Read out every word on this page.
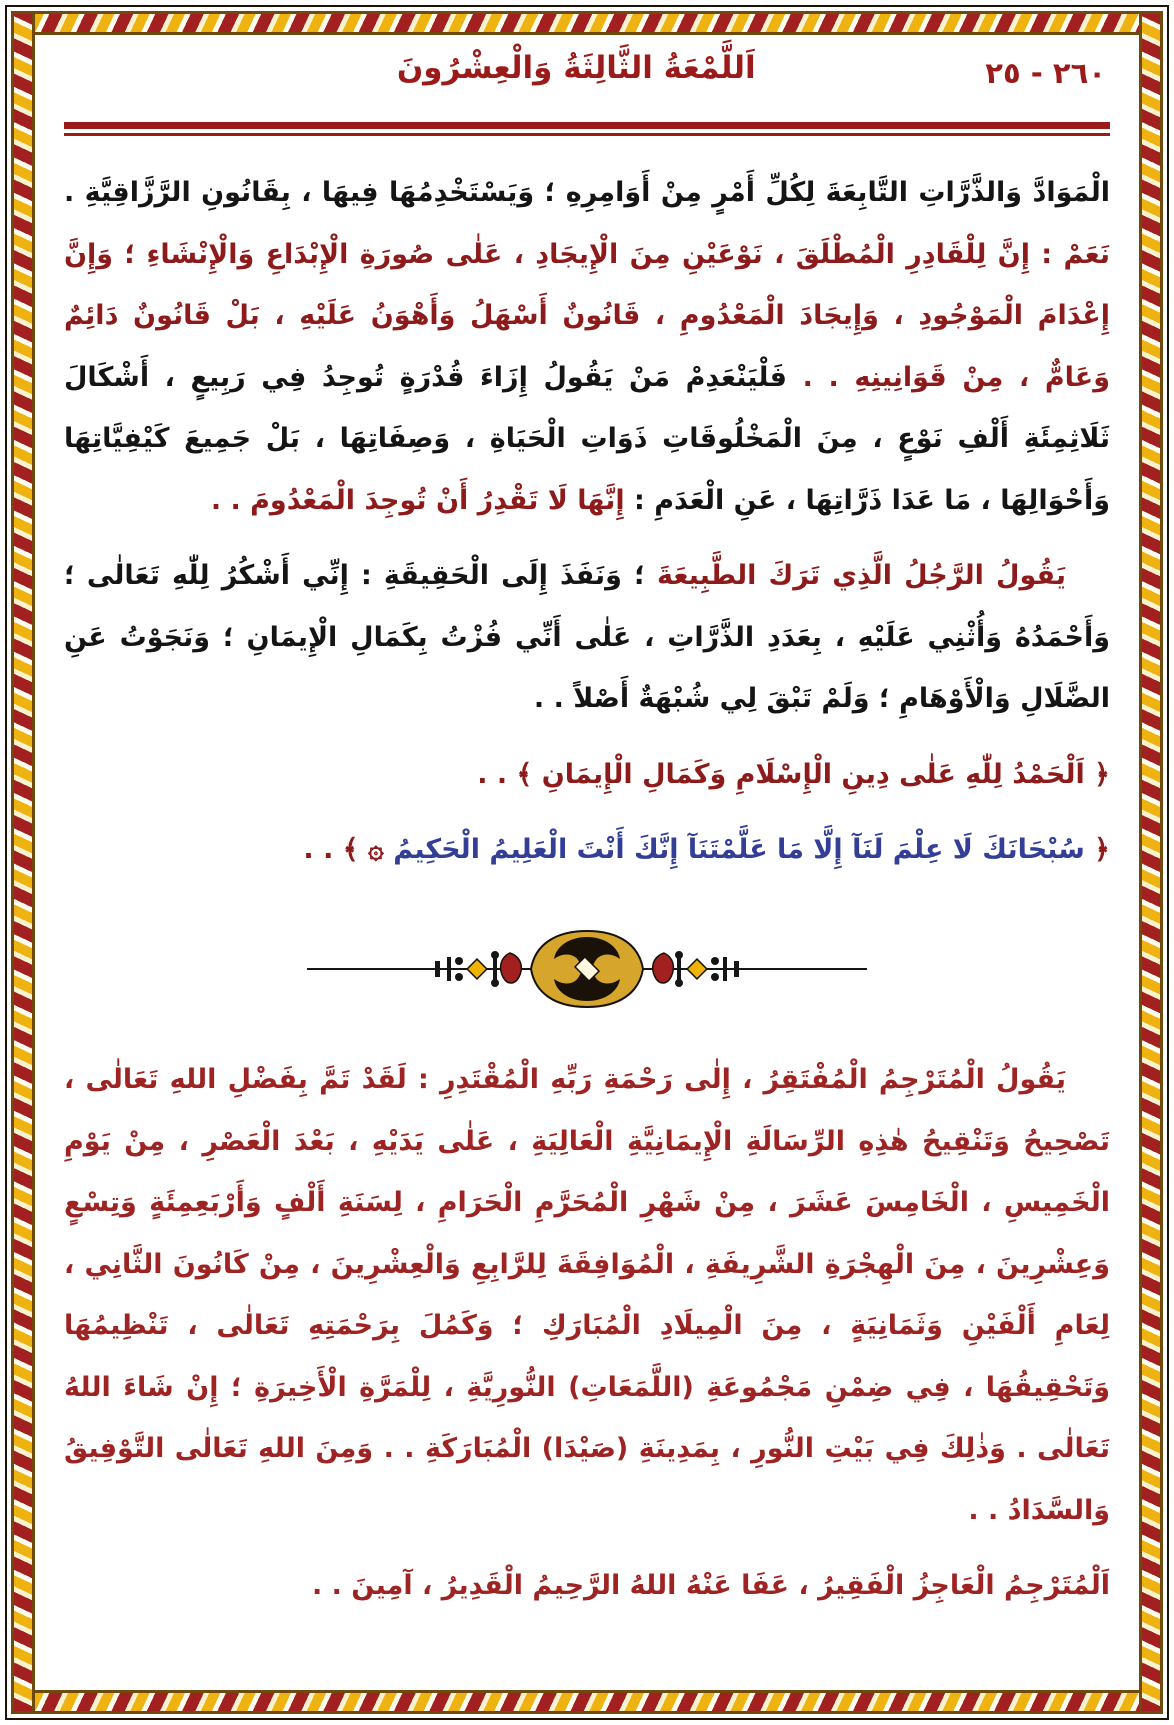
٢٦٠ - ٢٥
اَللَّمْعَةُ الثَّالِثَةُ وَالْعِشْرُونَ

الْمَوَادَّ وَالذَّرَّاتِ التَّابِعَةَ لِكُلِّ أَمْرٍ مِنْ أَوَامِرِهِ ؛ وَيَسْتَخْدِمُهَا فِيهَا ، بِقَانُونِ الرَّزَّاقِيَّةِ . نَعَمْ : إِنَّ لِلْقَادِرِ الْمُطْلَقَ ، نَوْعَيْنِ مِنَ الْإِيجَادِ ، عَلٰى صُورَةِ الْإِبْدَاعِ وَالْإِنْشَاءِ ؛ وَإِنَّ إِعْدَامَ الْمَوْجُودِ ، وَإِيجَادَ الْمَعْدُومِ ، قَانُونٌ أَسْهَلُ وَأَهْوَنُ عَلَيْهِ ، بَلْ قَانُونٌ دَائِمٌ وَعَامٌّ ، مِنْ قَوَانِينِهِ . . فَلْيَنْعَدِمْ مَنْ يَقُولُ إِزَاءَ قُدْرَةٍ تُوجِدُ فِي رَبِيعٍ ، أَشْكَالَ ثَلَاثِمِئَةِ أَلْفِ نَوْعٍ ، مِنَ الْمَخْلُوقَاتِ ذَوَاتِ الْحَيَاةِ ، وَصِفَاتِهَا ، بَلْ جَمِيعَ كَيْفِيَّاتِهَا وَأَحْوَالِهَا ، مَا عَدَا ذَرَّاتِهَا ، عَنِ الْعَدَمِ : إِنَّهَا لَا تَقْدِرُ أَنْ تُوجِدَ الْمَعْدُومَ . .

يَقُولُ الرَّجُلُ الَّذِي تَرَكَ الطَّبِيعَةَ ؛ وَنَفَذَ إِلَى الْحَقِيقَةِ : إِنِّي أَشْكُرُ لِلّٰهِ تَعَالٰى ؛ وَأَحْمَدُهُ وَأُثْنِي عَلَيْهِ ، بِعَدَدِ الذَّرَّاتِ ، عَلٰى أَنِّي فُزْتُ بِكَمَالِ الْإِيمَانِ ؛ وَنَجَوْتُ عَنِ الضَّلَالِ وَالْأَوْهَامِ ؛ وَلَمْ تَبْقَ لِي شُبْهَةٌ أَصْلاً . .

﴿ اَلْحَمْدُ لِلّٰهِ عَلٰى دِينِ الْإِسْلَامِ وَكَمَالِ الْإِيمَانِ ﴾ . .

﴿ سُبْحَانَكَ لَا عِلْمَ لَنَآ إِلَّا مَا عَلَّمْتَنَآ إِنَّكَ أَنْتَ الْعَلِيمُ الْحَكِيمُ ۞ ﴾ . .

يَقُولُ الْمُتَرْجِمُ الْمُفْتَقِرُ ، إِلٰى رَحْمَةِ رَبِّهِ الْمُقْتَدِرِ : لَقَدْ تَمَّ بِفَضْلِ اللهِ تَعَالٰى ، تَصْحِيحُ وَتَنْقِيحُ هٰذِهِ الرِّسَالَةِ الْإِيمَانِيَّةِ الْعَالِيَةِ ، عَلٰى يَدَيْهِ ، بَعْدَ الْعَصْرِ ، مِنْ يَوْمِ الْخَمِيسِ ، الْخَامِسَ عَشَرَ ، مِنْ شَهْرِ الْمُحَرَّمِ الْحَرَامِ ، لِسَنَةِ أَلْفٍ وَأَرْبَعِمِئَةٍ وَتِسْعٍ وَعِشْرِينَ ، مِنَ الْهِجْرَةِ الشَّرِيفَةِ ، الْمُوَافِقَةَ لِلرَّابِعِ وَالْعِشْرِينَ ، مِنْ كَانُونَ الثَّانِي ، لِعَامِ أَلْفَيْنِ وَثَمَانِيَةٍ ، مِنَ الْمِيلَادِ الْمُبَارَكِ ؛ وَكَمُلَ بِرَحْمَتِهِ تَعَالٰى ، تَنْظِيمُهَا وَتَحْقِيقُهَا ، فِي ضِمْنِ مَجْمُوعَةِ (اللَّمَعَاتِ) النُّورِيَّةِ ، لِلْمَرَّةِ الْأَخِيرَةِ ؛ إِنْ شَاءَ اللهُ تَعَالٰى . وَذٰلِكَ فِي بَيْتِ النُّورِ ، بِمَدِينَةِ (صَيْدَا) الْمُبَارَكَةِ . . وَمِنَ اللهِ تَعَالٰى التَّوْفِيقُ وَالسَّدَادُ . .

اَلْمُتَرْجِمُ الْعَاجِزُ الْفَقِيرُ ، عَفَا عَنْهُ اللهُ الرَّحِيمُ الْقَدِيرُ ، آمِينَ . .
